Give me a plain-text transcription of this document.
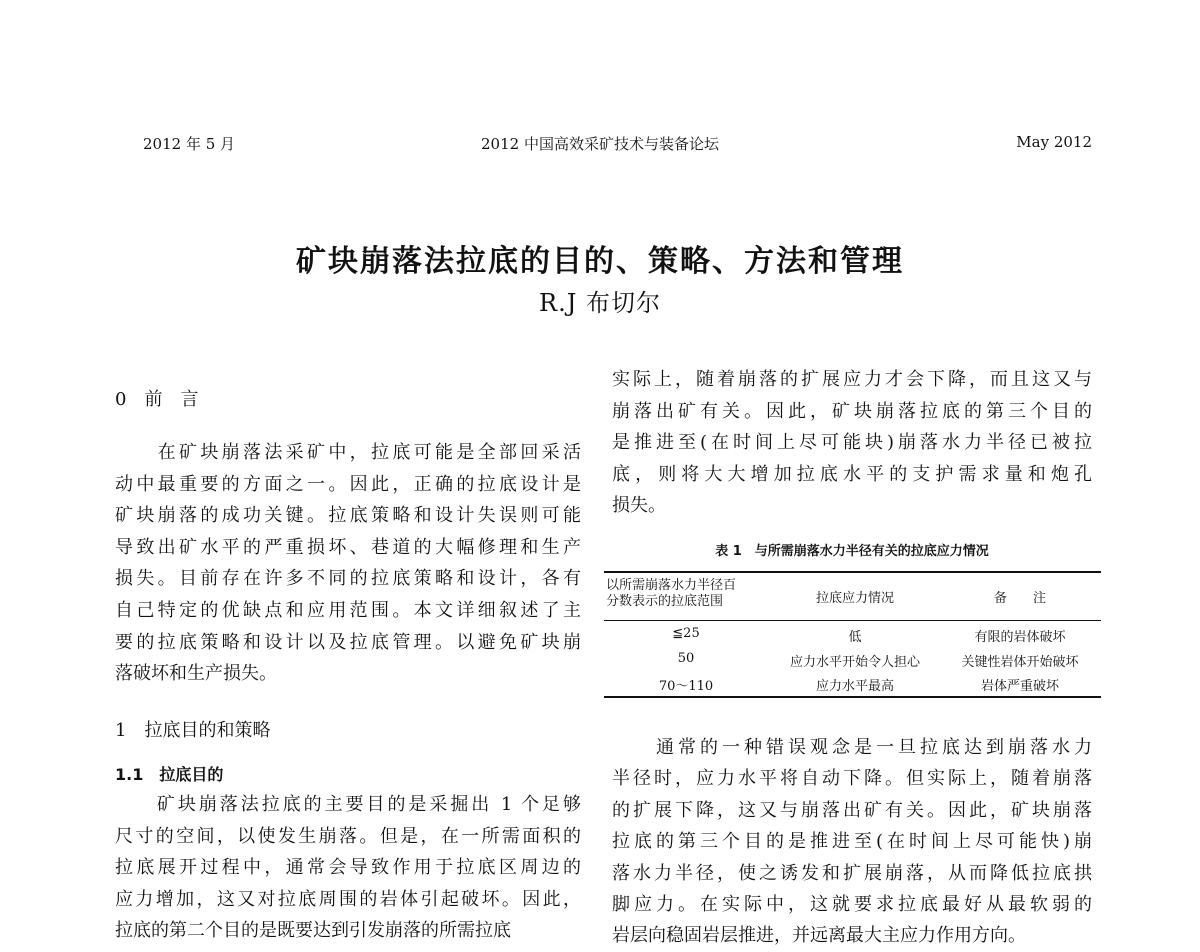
2012 年 5 月	2012 中国高效采矿技术与装备论坛	May 2012
矿块崩落法拉底的目的、策略、方法和管理
R.J 布切尔
0　前　言
　　在矿块崩落法采矿中，拉底可能是全部回采活
动中最重要的方面之一。因此，正确的拉底设计是
矿块崩落的成功关键。拉底策略和设计失误则可能
导致出矿水平的严重损坏、巷道的大幅修理和生产
损失。目前存在许多不同的拉底策略和设计，各有
自己特定的优缺点和应用范围。本文详细叙述了主
要的拉底策略和设计以及拉底管理。以避免矿块崩
落破坏和生产损失。
1　拉底目的和策略
1.1　拉底目的
　　矿块崩落法拉底的主要目的是采掘出 1 个足够
尺寸的空间，以使发生崩落。但是，在一所需面积的
拉底展开过程中，通常会导致作用于拉底区周边的
应力增加，这又对拉底周围的岩体引起破坏。因此，
拉底的第二个目的是既要达到引发崩落的所需拉底
实际上，随着崩落的扩展应力才会下降，而且这又与
崩落出矿有关。因此，矿块崩落拉底的第三个目的
是推进至(在时间上尽可能块)崩落水力半径已被拉
底，则将大大增加拉底水平的支护需求量和炮孔
损失。
表 1　与所需崩落水力半径有关的拉底应力情况
以所需崩落水力半径百
分数表示的拉底范围	拉底应力情况	备　　注
≦25	低	有限的岩体破坏
50	应力水平开始令人担心	关键性岩体开始破坏
70～110	应力水平最高	岩体严重破坏
　　通常的一种错误观念是一旦拉底达到崩落水力
半径时，应力水平将自动下降。但实际上，随着崩落
的扩展下降，这又与崩落出矿有关。因此，矿块崩落
拉底的第三个目的是推进至(在时间上尽可能快)崩
落水力半径，使之诱发和扩展崩落，从而降低拉底拱
脚应力。在实际中，这就要求拉底最好从最软弱的
岩层向稳固岩层推进，并远离最大主应力作用方向。
